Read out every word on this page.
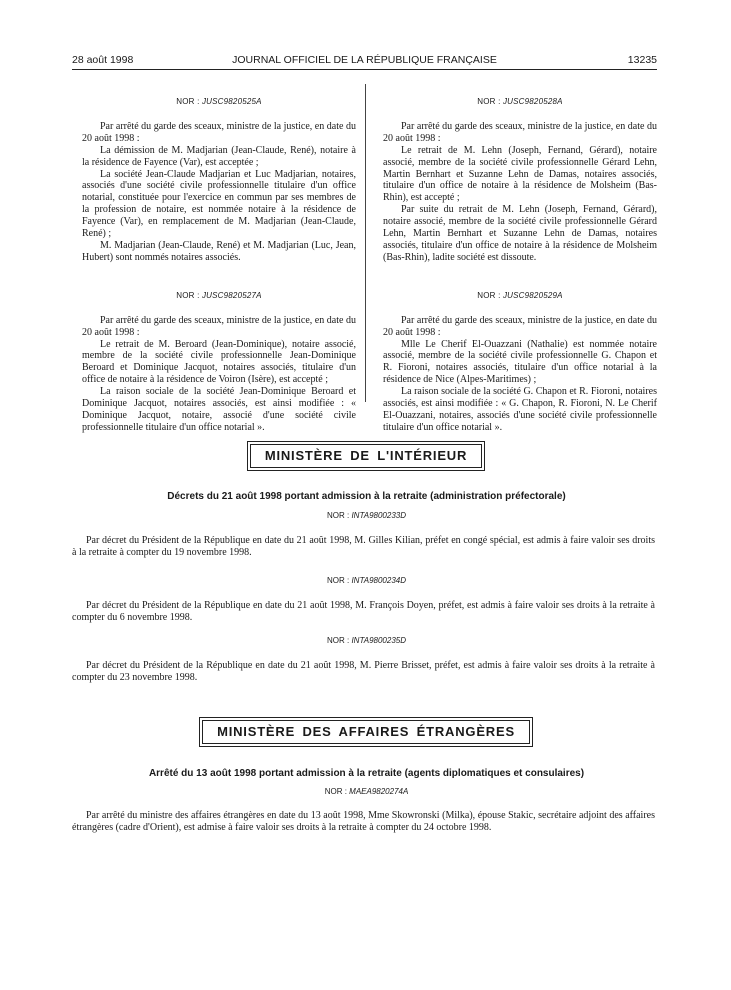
28 août 1998	JOURNAL OFFICIEL DE LA RÉPUBLIQUE FRANÇAISE	13235
NOR : JUSC9820525A

Par arrêté du garde des sceaux, ministre de la justice, en date du 20 août 1998 :

La démission de M. Madjarian (Jean-Claude, René), notaire à la résidence de Fayence (Var), est acceptée ;

La société Jean-Claude Madjarian et Luc Madjarian, notaires, associés d'une société civile professionnelle titulaire d'un office notarial, constituée pour l'exercice en commun par ses membres de la profession de notaire, est nommée notaire à la résidence de Fayence (Var), en remplacement de M. Madjarian (Jean-Claude, René) ;

M. Madjarian (Jean-Claude, René) et M. Madjarian (Luc, Jean, Hubert) sont nommés notaires associés.

NOR : JUSC9820527A

Par arrêté du garde des sceaux, ministre de la justice, en date du 20 août 1998 :

Le retrait de M. Beroard (Jean-Dominique), notaire associé, membre de la société civile professionnelle Jean-Dominique Beroard et Dominique Jacquot, notaires associés, titulaire d'un office de notaire à la résidence de Voiron (Isère), est accepté ;

La raison sociale de la société Jean-Dominique Beroard et Dominique Jacquot, notaires associés, est ainsi modifiée : « Dominique Jacquot, notaire, associé d'une société civile professionnelle titulaire d'un office notarial ».

NOR : JUSC9820528A

Par arrêté du garde des sceaux, ministre de la justice, en date du 20 août 1998 :

Le retrait de M. Lehn (Joseph, Fernand, Gérard), notaire associé, membre de la société civile professionnelle Gérard Lehn, Martin Bernhart et Suzanne Lehn de Damas, notaires associés, titulaire d'un office de notaire à la résidence de Molsheim (Bas-Rhin), est accepté ;

Par suite du retrait de M. Lehn (Joseph, Fernand, Gérard), notaire associé, membre de la société civile professionnelle Gérard Lehn, Martin Bernhart et Suzanne Lehn de Damas, notaires associés, titulaire d'un office de notaire à la résidence de Molsheim (Bas-Rhin), ladite société est dissoute.

NOR : JUSC9820529A

Par arrêté du garde des sceaux, ministre de la justice, en date du 20 août 1998 :

Mlle Le Cherif El-Ouazzani (Nathalie) est nommée notaire associé, membre de la société civile professionnelle G. Chapon et R. Fioroni, notaires associés, titulaire d'un office notarial à la résidence de Nice (Alpes-Maritimes) ;

La raison sociale de la société G. Chapon et R. Fioroni, notaires associés, est ainsi modifiée : « G. Chapon, R. Fioroni, N. Le Cherif El-Ouazzani, notaires, associés d'une société civile professionnelle titulaire d'un office notarial ».

MINISTÈRE DE L'INTÉRIEUR
Décrets du 21 août 1998 portant admission à la retraite (administration préfectorale)
NOR : INTA9800233D

Par décret du Président de la République en date du 21 août 1998, M. Gilles Kilian, préfet en congé spécial, est admis à faire valoir ses droits à la retraite à compter du 19 novembre 1998.

NOR : INTA9800234D

Par décret du Président de la République en date du 21 août 1998, M. François Doyen, préfet, est admis à faire valoir ses droits à la retraite à compter du 6 novembre 1998.

NOR : INTA9800235D

Par décret du Président de la République en date du 21 août 1998, M. Pierre Brisset, préfet, est admis à faire valoir ses droits à la retraite à compter du 23 novembre 1998.

MINISTÈRE DES AFFAIRES ÉTRANGÈRES
Arrêté du 13 août 1998 portant admission à la retraite (agents diplomatiques et consulaires)
NOR : MAEA9820274A

Par arrêté du ministre des affaires étrangères en date du 13 août 1998, Mme Skowronski (Milka), épouse Stakic, secrétaire adjoint des affaires étrangères (cadre d'Orient), est admise à faire valoir ses droits à la retraite à compter du 24 octobre 1998.
